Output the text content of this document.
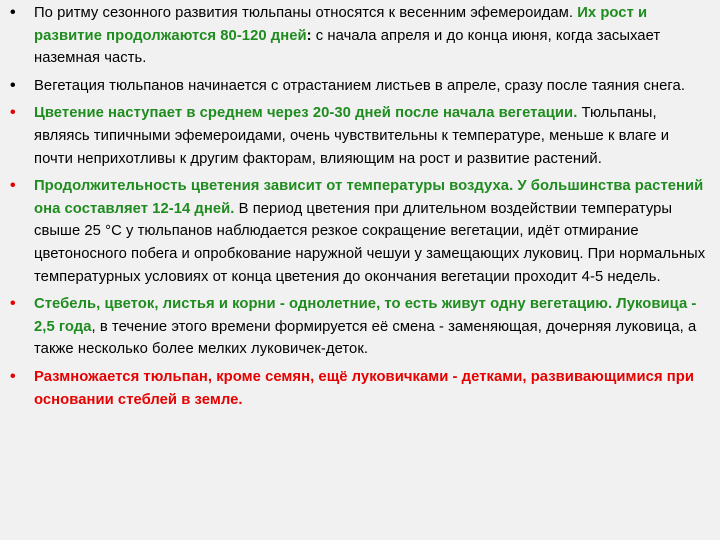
• По ритму сезонного развития тюльпаны относятся к весенним эфемероидам. Их рост и развитие продолжаются 80-120 дней: с начала апреля и до конца июня, когда засыхает наземная часть.
• Вегетация тюльпанов начинается с отрастанием листьев в апреле, сразу после таяния снега.
• Цветение наступает в среднем через 20-30 дней после начала вегетации. Тюльпаны, являясь типичными эфемероидами, очень чувствительны к температуре, меньше к влаге и почти неприхотливы к другим факторам, влияющим на рост и развитие растений.
• Продолжительность цветения зависит от температуры воздуха. У большинства растений она составляет 12-14 дней. В период цветения при длительном воздействии температуры свыше 25 °С у тюльпанов наблюдается резкое сокращение вегетации, идёт отмирание цветоносного побега и опробкование наружной чешуи у замещающих луковиц. При нормальных температурных условиях от конца цветения до окончания вегетации проходит 4-5 недель.
• Стебель, цветок, листья и корни - однолетние, то есть живут одну вегетацию. Луковица - 2,5 года, в течение этого времени формируется её смена - заменяющая, дочерняя луковица, а также несколько более мелких луковичек-деток.
• Размножается тюльпан, кроме семян, ещё луковичками - детками, развивающимися при основании стеблей в земле.
